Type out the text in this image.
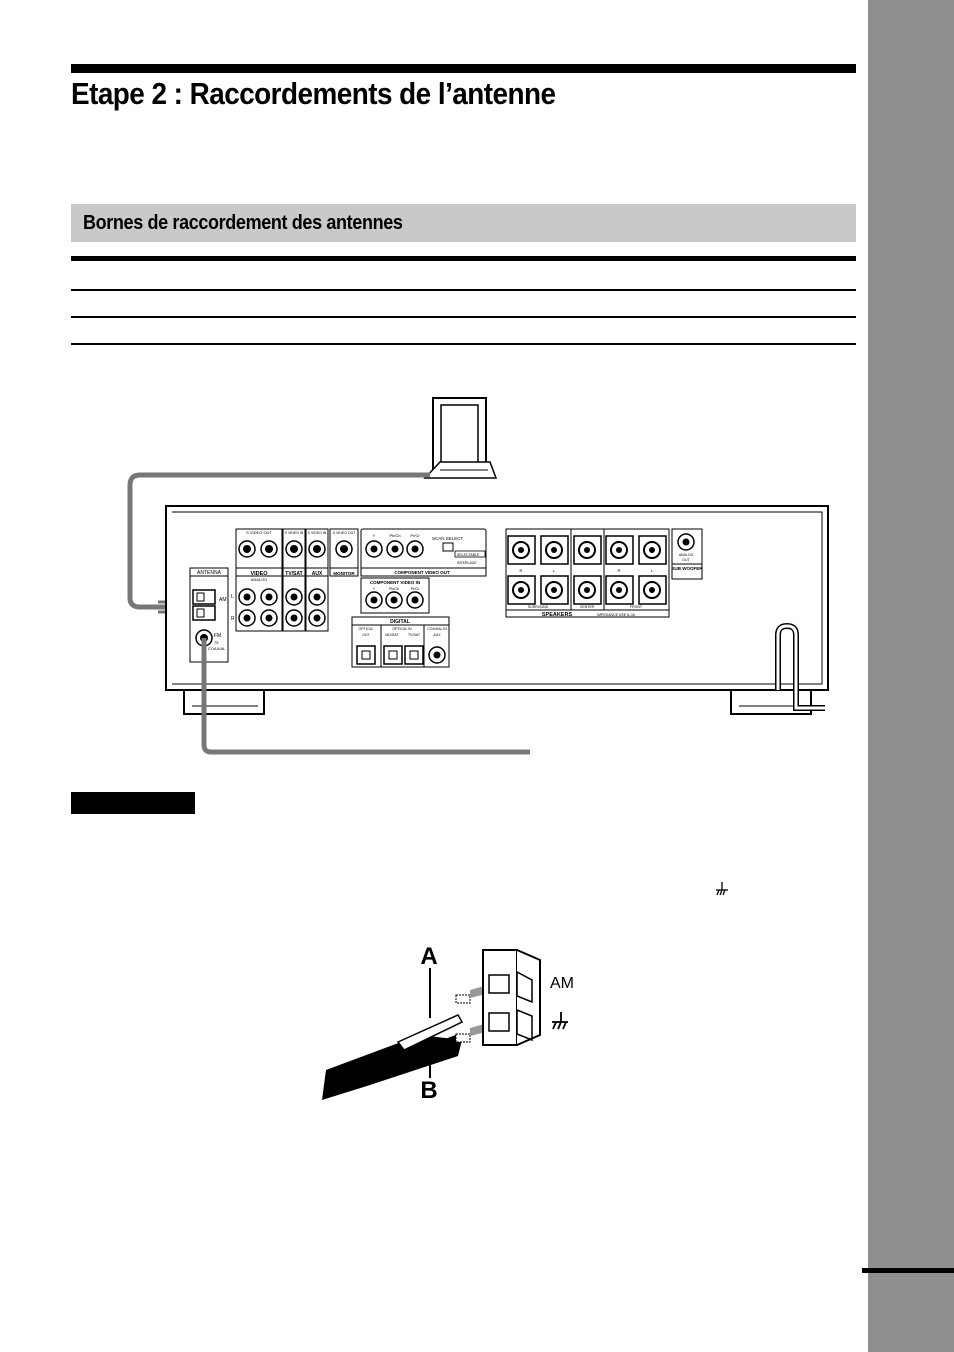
Etape 2 : Raccordements de l’antenne
Bornes de raccordement des antennes
ANTENNA
AM
FM
75
COAXIAL
S VIDEO OUT
VIDEO
ANALOG
L
R
S VIDEO IN
TV/SAT
S VIDEO IN
AUX
S VIDEO OUT
MONITOR
Y	Pb/Cb Pr/Cr
SCAN SELECT
SELECTABLE
INTERLACE
COMPONENT VIDEO OUT
COMPONENT VIDEO IN
Y	Pb/Cb	Pr/Cr
DIGITAL
OPTICAL
OUT
OPTICAL IN
MD/DAT	TV/SAT
COAXIAL IN
AUX
R	L	R	L
SURROUND	CENTER	FRONT
SPEAKERS	IMPEDANCE USE 6–16
ANALOG
OUT
SUB WOOFER
A
B
AM
